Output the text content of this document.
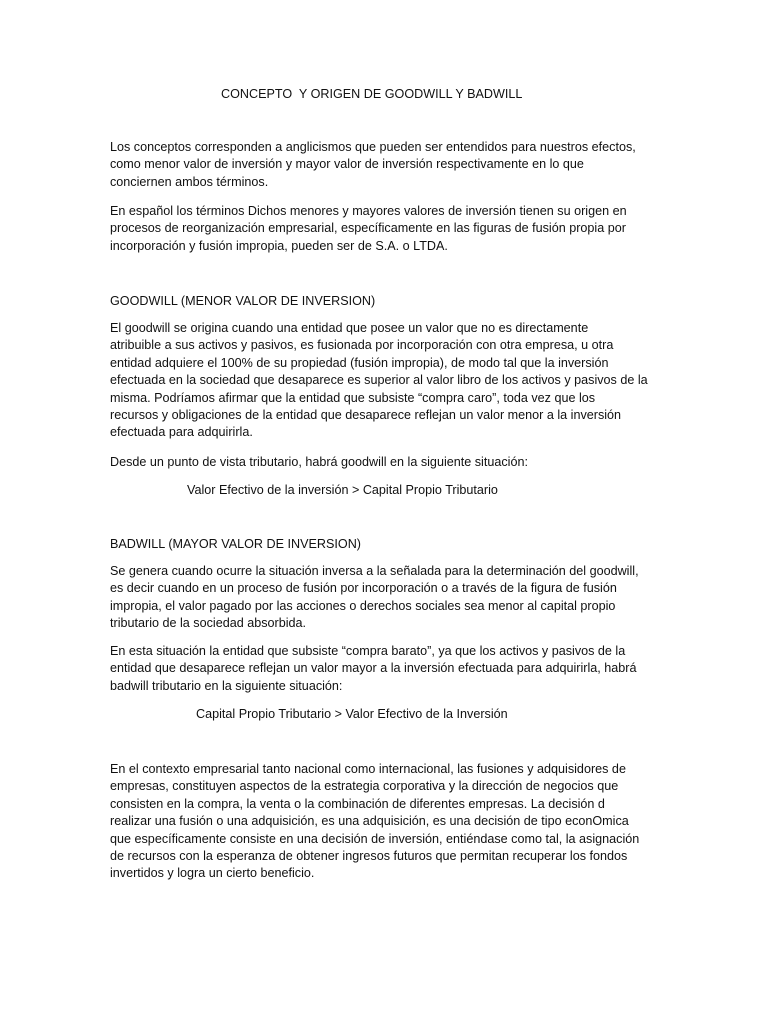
CONCEPTO  Y ORIGEN DE GOODWILL Y BADWILL
Los conceptos corresponden a anglicismos que pueden ser entendidos para nuestros efectos,
como menor valor de inversión y mayor valor de inversión respectivamente en lo que
conciernen ambos términos.
En español los términos Dichos menores y mayores valores de inversión tienen su origen en
procesos de reorganización empresarial, específicamente en las figuras de fusión propia por
incorporación y fusión impropia, pueden ser de S.A. o LTDA.
GOODWILL (MENOR VALOR DE INVERSION)
El goodwill se origina cuando una entidad que posee un valor que no es directamente
atribuible a sus activos y pasivos, es fusionada por incorporación con otra empresa, u otra
entidad adquiere el 100% de su propiedad (fusión impropia), de modo tal que la inversión
efectuada en la sociedad que desaparece es superior al valor libro de los activos y pasivos de la
misma. Podríamos afirmar que la entidad que subsiste “compra caro”, toda vez que los
recursos y obligaciones de la entidad que desaparece reflejan un valor menor a la inversión
efectuada para adquirirla.
Desde un punto de vista tributario, habrá goodwill en la siguiente situación:
Valor Efectivo de la inversión > Capital Propio Tributario
BADWILL (MAYOR VALOR DE INVERSION)
Se genera cuando ocurre la situación inversa a la señalada para la determinación del goodwill,
es decir cuando en un proceso de fusión por incorporación o a través de la figura de fusión
impropia, el valor pagado por las acciones o derechos sociales sea menor al capital propio
tributario de la sociedad absorbida.
En esta situación la entidad que subsiste “compra barato”, ya que los activos y pasivos de la
entidad que desaparece reflejan un valor mayor a la inversión efectuada para adquirirla, habrá
badwill tributario en la siguiente situación:
Capital Propio Tributario > Valor Efectivo de la Inversión
En el contexto empresarial tanto nacional como internacional, las fusiones y adquisidores de
empresas, constituyen aspectos de la estrategia corporativa y la dirección de negocios que
consisten en la compra, la venta o la combinación de diferentes empresas. La decisión d
realizar una fusión o una adquisición, es una adquisición, es una decisión de tipo econOmica
que específicamente consiste en una decisión de inversión, entiéndase como tal, la asignación
de recursos con la esperanza de obtener ingresos futuros que permitan recuperar los fondos
invertidos y logra un cierto beneficio.
